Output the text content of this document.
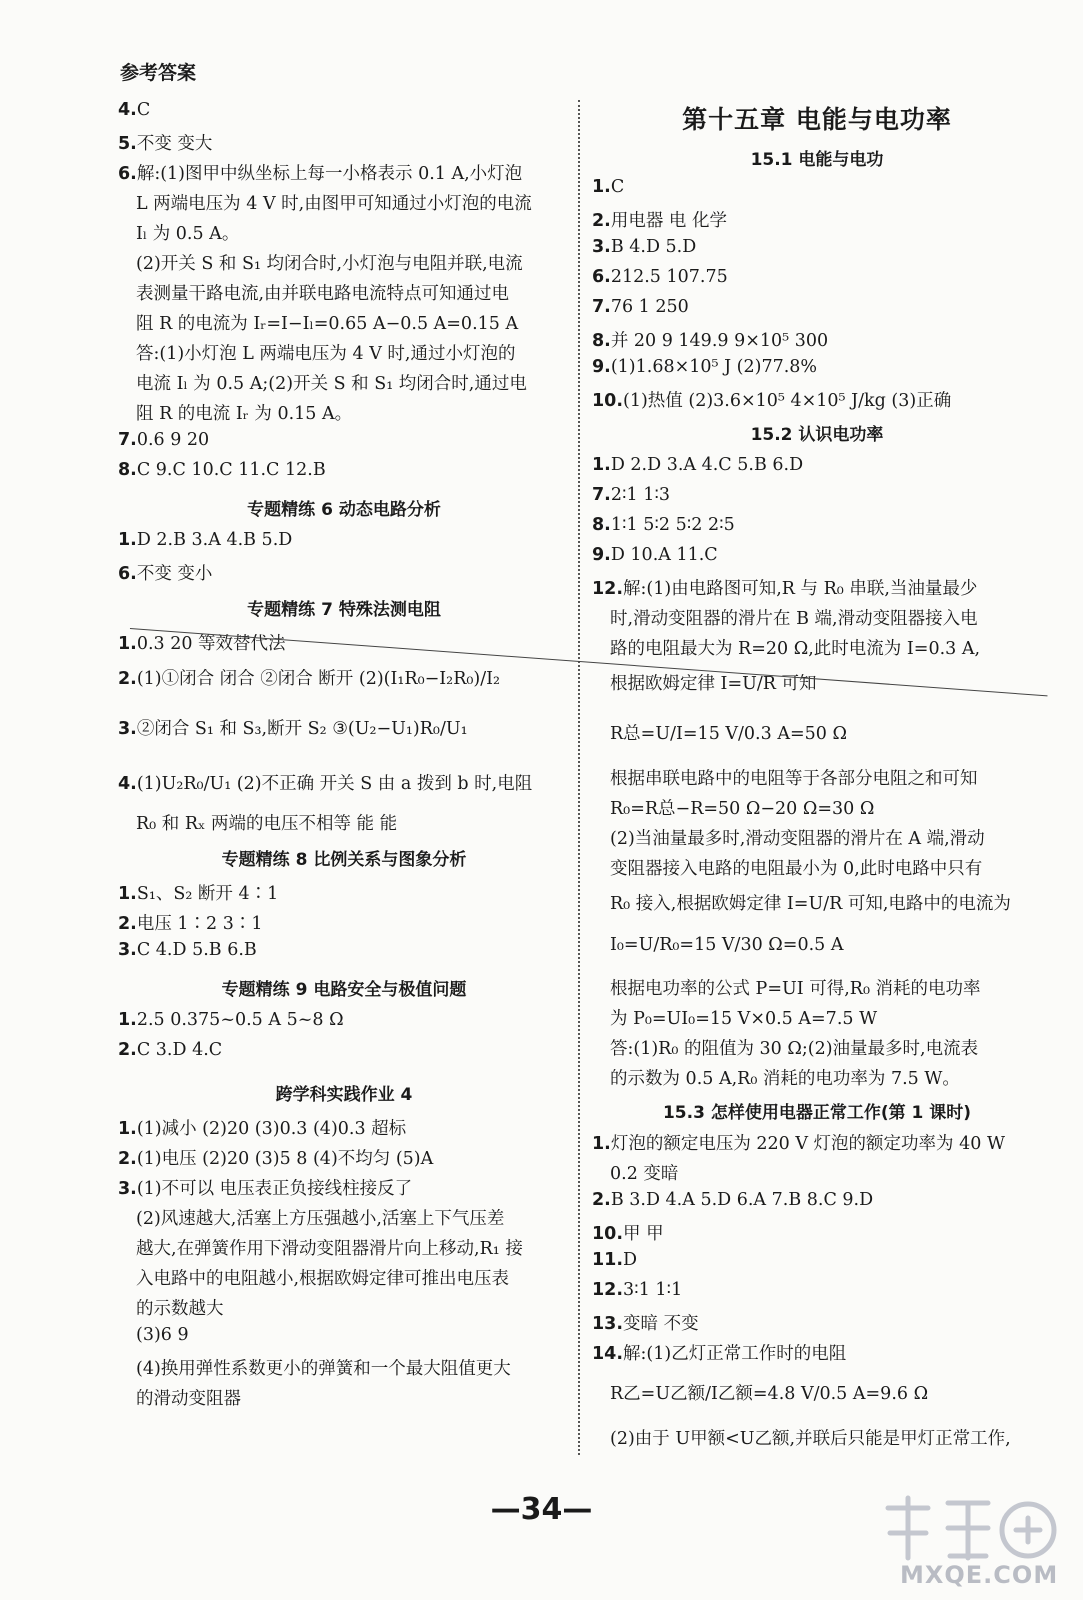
参考答案
4.C
5.不变 变大
6.解:(1)图甲中纵坐标上每一小格表示 0.1 A,小灯泡
L 两端电压为 4 V 时,由图甲可知通过小灯泡的电流
Iₗ 为 0.5 A。
(2)开关 S 和 S₁ 均闭合时,小灯泡与电阻并联,电流
表测量干路电流,由并联电路电流特点可知通过电
阻 R 的电流为 Iᵣ=I−Iₗ=0.65 A−0.5 A=0.15 A
答:(1)小灯泡 L 两端电压为 4 V 时,通过小灯泡的
电流 Iₗ 为 0.5 A;(2)开关 S 和 S₁ 均闭合时,通过电
阻 R 的电流 Iᵣ 为 0.15 A。
7.0.6 9 20
8.C 9.C 10.C 11.C 12.B
专题精练 6 动态电路分析
1.D 2.B 3.A 4.B 5.D
6.不变 变小
专题精练 7 特殊法测电阻
1.0.3 20 等效替代法
2.(1)①闭合 闭合 ②闭合 断开 (2)(I₁R₀−I₂R₀)/I₂
3.②闭合 S₁ 和 S₃,断开 S₂ ③(U₂−U₁)R₀/U₁
4.(1)U₂R₀/U₁ (2)不正确 开关 S 由 a 拨到 b 时,电阻
R₀ 和 Rₓ 两端的电压不相等 能 能
专题精练 8 比例关系与图象分析
1.S₁、S₂ 断开 4∶1
2.电压 1∶2 3∶1
3.C 4.D 5.B 6.B
专题精练 9 电路安全与极值问题
1.2.5 0.375~0.5 A 5~8 Ω
2.C 3.D 4.C
跨学科实践作业 4
1.(1)减小 (2)20 (3)0.3 (4)0.3 超标
2.(1)电压 (2)20 (3)5 8 (4)不均匀 (5)A
3.(1)不可以 电压表正负接线柱接反了
(2)风速越大,活塞上方压强越小,活塞上下气压差
越大,在弹簧作用下滑动变阻器滑片向上移动,R₁ 接
入电路中的电阻越小,根据欧姆定律可推出电压表
的示数越大
(3)6 9
(4)换用弹性系数更小的弹簧和一个最大阻值更大
的滑动变阻器
第十五章 电能与电功率
15.1 电能与电功
1.C
2.用电器 电 化学
3.B 4.D 5.D
6.212.5 107.75
7.76 1 250
8.并 20 9 149.9 9×10⁵ 300
9.(1)1.68×10⁵ J (2)77.8%
10.(1)热值 (2)3.6×10⁵ 4×10⁵ J/kg (3)正确
15.2 认识电功率
1.D 2.D 3.A 4.C 5.B 6.D
7.2∶1 1∶3
8.1∶1 5∶2 5∶2 2∶5
9.D 10.A 11.C
12.解:(1)由电路图可知,R 与 R₀ 串联,当油量最少
时,滑动变阻器的滑片在 B 端,滑动变阻器接入电
路的电阻最大为 R=20 Ω,此时电流为 I=0.3 A,
根据欧姆定律 I=U/R 可知
R总=U/I=15 V/0.3 A=50 Ω
根据串联电路中的电阻等于各部分电阻之和可知
R₀=R总−R=50 Ω−20 Ω=30 Ω
(2)当油量最多时,滑动变阻器的滑片在 A 端,滑动
变阻器接入电路的电阻最小为 0,此时电路中只有
R₀ 接入,根据欧姆定律 I=U/R 可知,电路中的电流为
I₀=U/R₀=15 V/30 Ω=0.5 A
根据电功率的公式 P=UI 可得,R₀ 消耗的电功率
为 P₀=UI₀=15 V×0.5 A=7.5 W
答:(1)R₀ 的阻值为 30 Ω;(2)油量最多时,电流表
的示数为 0.5 A,R₀ 消耗的电功率为 7.5 W。
15.3 怎样使用电器正常工作(第 1 课时)
1.灯泡的额定电压为 220 V 灯泡的额定功率为 40 W
0.2 变暗
2.B 3.D 4.A 5.D 6.A 7.B 8.C 9.D
10.甲 甲
11.D
12.3∶1 1∶1
13.变暗 不变
14.解:(1)乙灯正常工作时的电阻
R乙=U乙额/I乙额=4.8 V/0.5 A=9.6 Ω
(2)由于 U甲额<U乙额,并联后只能是甲灯正常工作,
—34—
MXQE.COM
